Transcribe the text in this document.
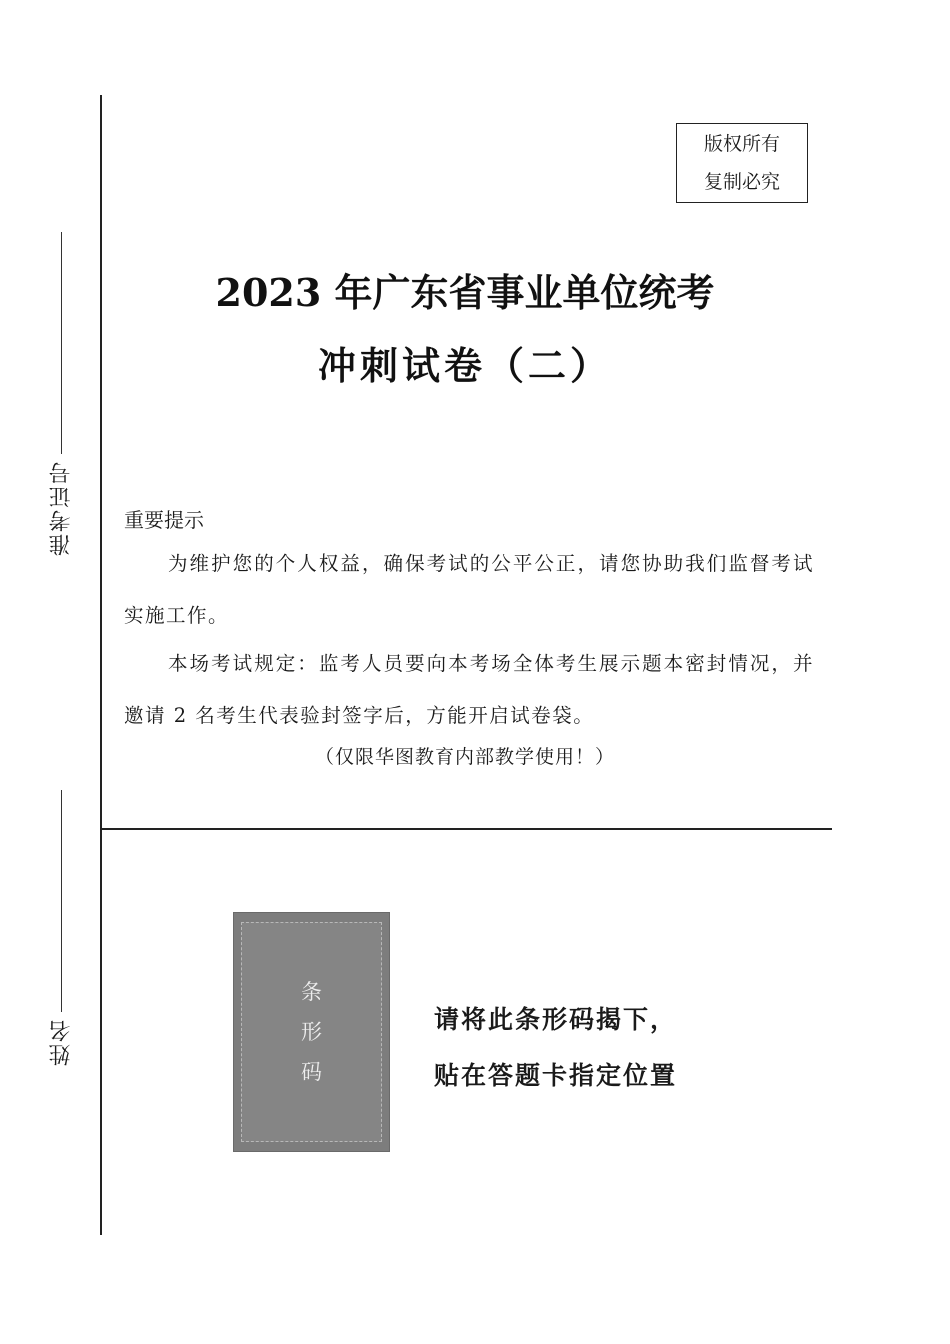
准考证号
姓名
版权所有
复制必究
2023 年广东省事业单位统考
冲刺试卷（二）
重要提示
为维护您的个人权益，确保考试的公平公正，请您协助我们监督考试实施工作。
本场考试规定：监考人员要向本考场全体考生展示题本密封情况，并邀请 2 名考生代表验封签字后，方能开启试卷袋。
（仅限华图教育内部教学使用！）
条
形
码
请将此条形码揭下，
贴在答题卡指定位置
